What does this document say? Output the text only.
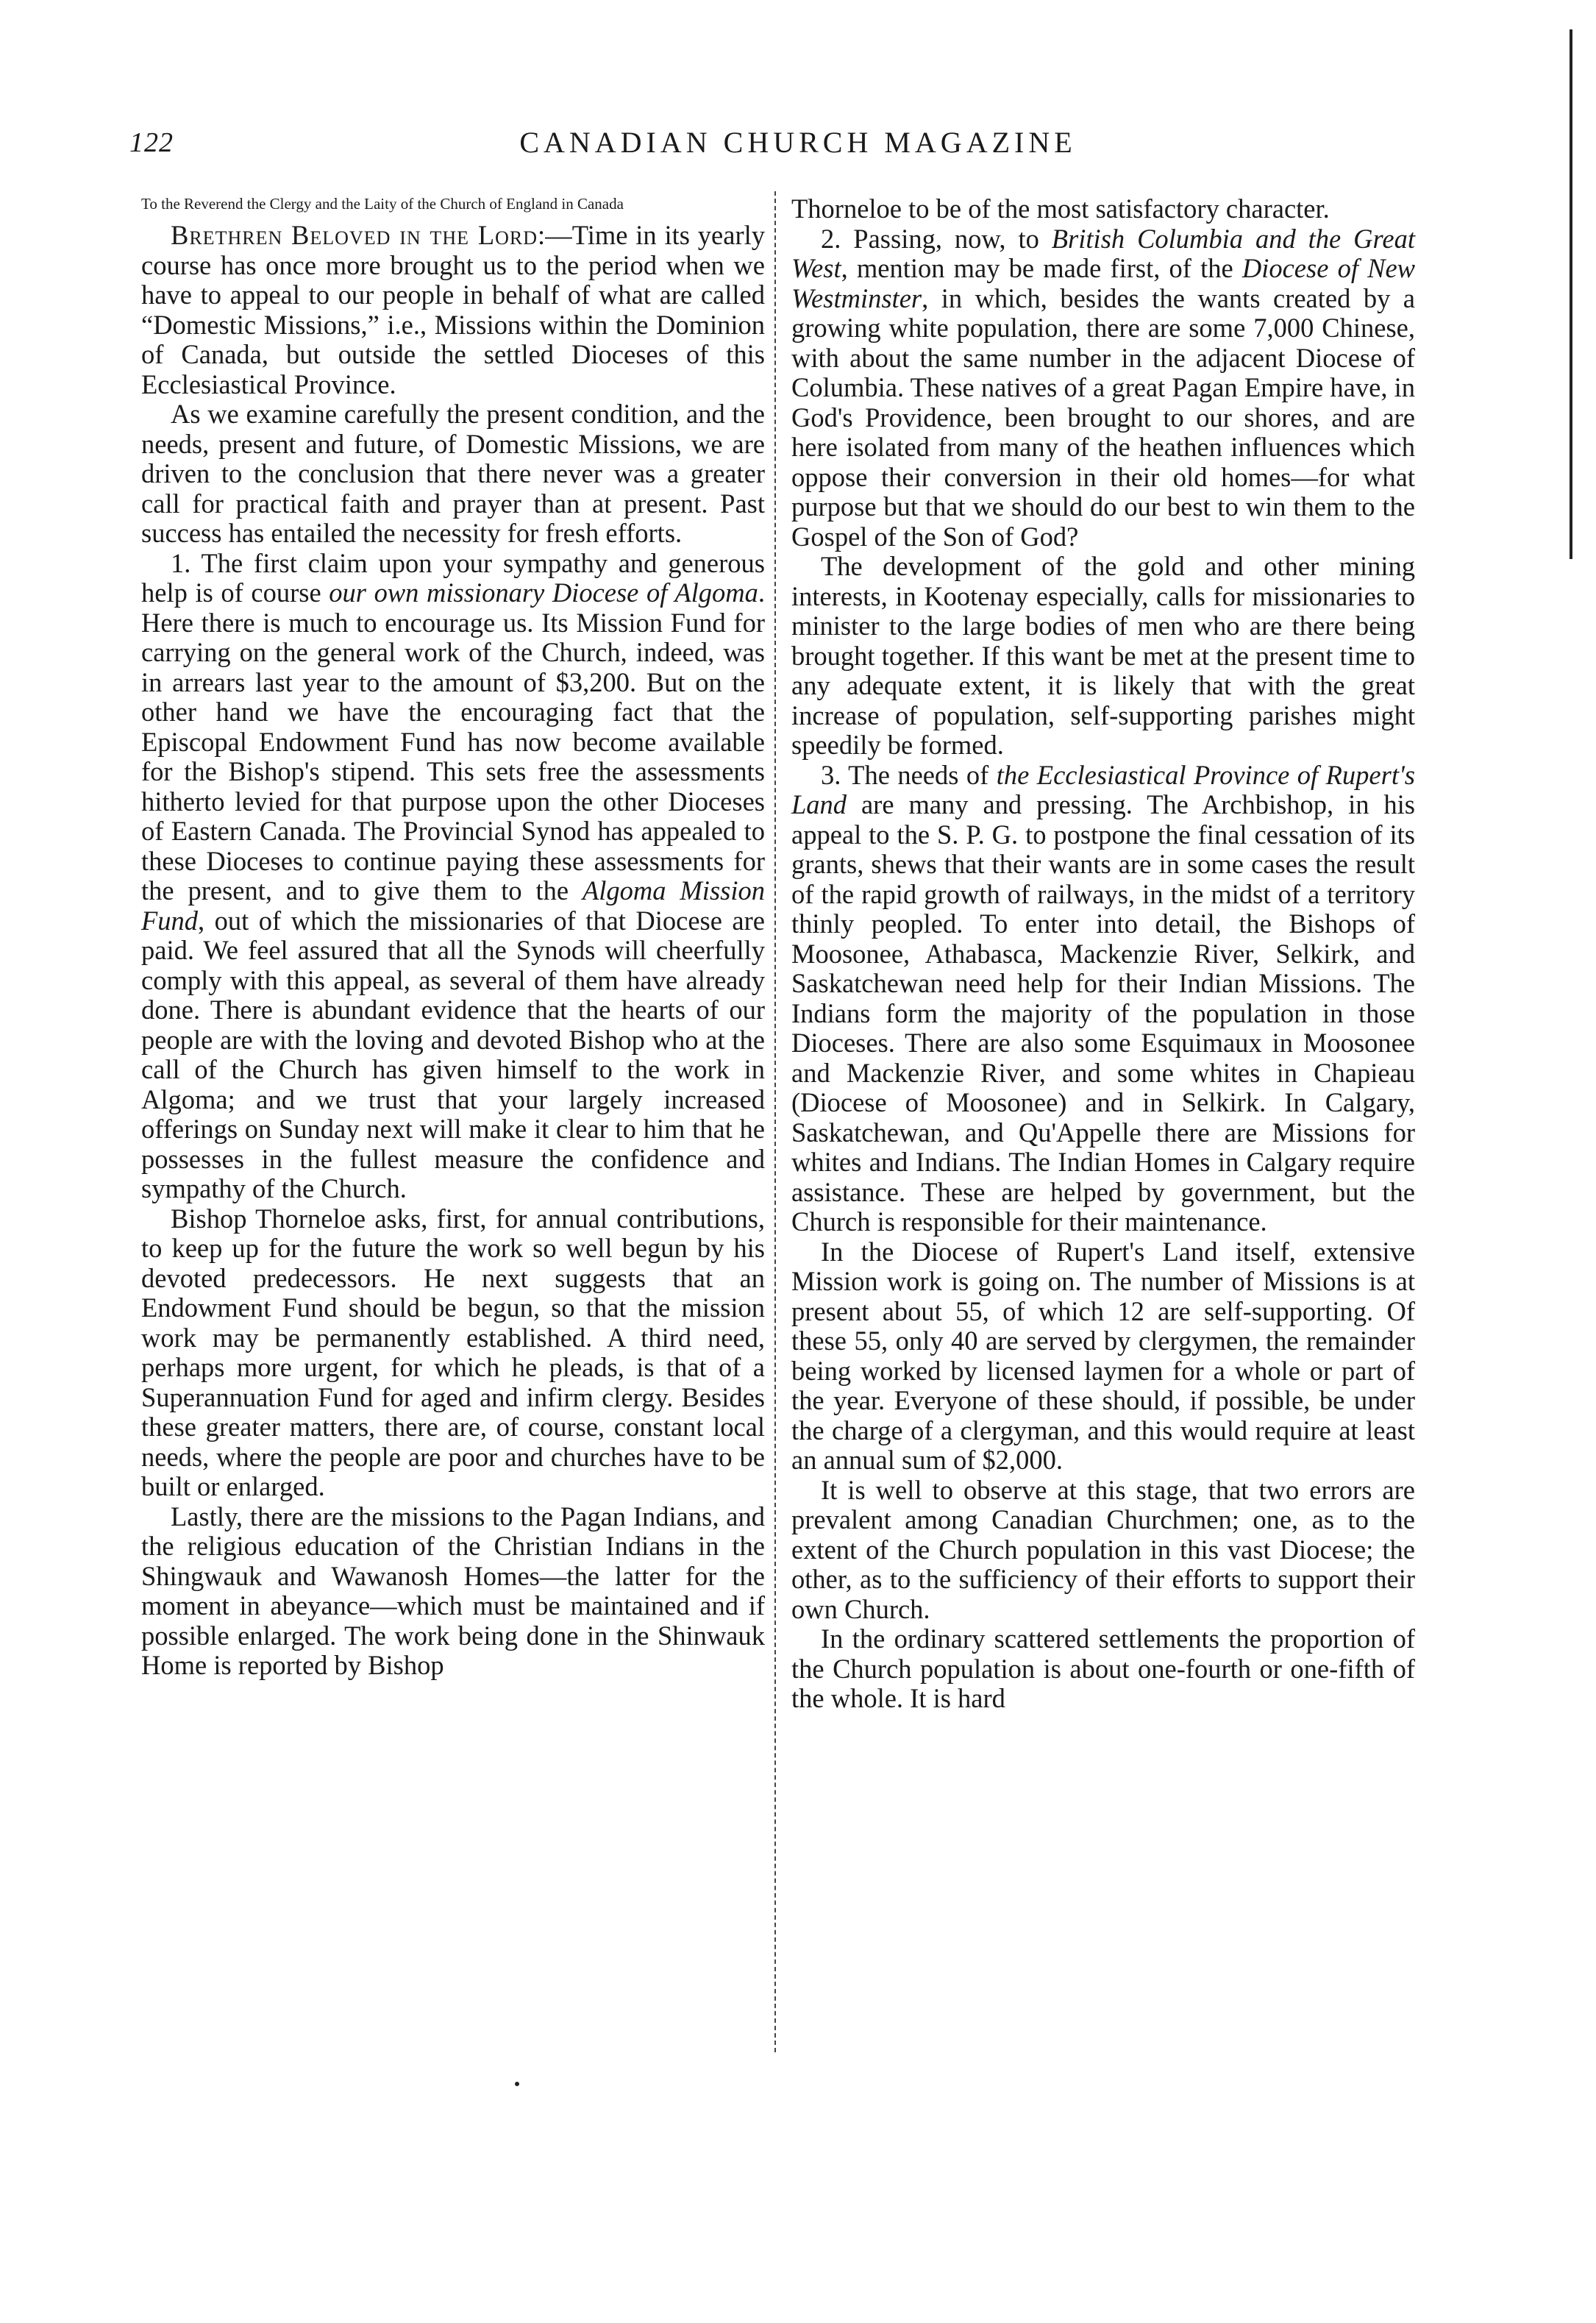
122	CANADIAN CHURCH MAGAZINE

To the Reverend the Clergy and the Laity of the Church of England in Canada

Brethren Beloved in the Lord:—Time in its yearly course has once more brought us to the period when we have to appeal to our people in behalf of what are called “Domestic Missions,” i.e., Missions within the Dominion of Canada, but outside the settled Dioceses of this Ecclesiastical Province.

As we examine carefully the present condition, and the needs, present and future, of Domestic Missions, we are driven to the conclusion that there never was a greater call for practical faith and prayer than at present. Past success has entailed the necessity for fresh efforts.

1. The first claim upon your sympathy and generous help is of course our own missionary Diocese of Algoma. Here there is much to encourage us. Its Mission Fund for carrying on the general work of the Church, indeed, was in arrears last year to the amount of $3,200. But on the other hand we have the encouraging fact that the Episcopal Endowment Fund has now become available for the Bishop's stipend. This sets free the assessments hitherto levied for that purpose upon the other Dioceses of Eastern Canada. The Provincial Synod has appealed to these Dioceses to continue paying these assessments for the present, and to give them to the Algoma Mission Fund, out of which the missionaries of that Diocese are paid. We feel assured that all the Synods will cheerfully comply with this appeal, as several of them have already done. There is abundant evidence that the hearts of our people are with the loving and devoted Bishop who at the call of the Church has given himself to the work in Algoma; and we trust that your largely increased offerings on Sunday next will make it clear to him that he possesses in the fullest measure the confidence and sympathy of the Church.

Bishop Thorneloe asks, first, for annual contributions, to keep up for the future the work so well begun by his devoted predecessors. He next suggests that an Endowment Fund should be begun, so that the mission work may be permanently established. A third need, perhaps more urgent, for which he pleads, is that of a Superannuation Fund for aged and infirm clergy. Besides these greater matters, there are, of course, constant local needs, where the people are poor and churches have to be built or enlarged.

Lastly, there are the missions to the Pagan Indians, and the religious education of the Christian Indians in the Shingwauk and Wawanosh Homes—the latter for the moment in abeyance—which must be maintained and if possible enlarged. The work being done in the Shinwauk Home is reported by Bishop

Thorneloe to be of the most satisfactory character.

2. Passing, now, to British Columbia and the Great West, mention may be made first, of the Diocese of New Westminster, in which, besides the wants created by a growing white population, there are some 7,000 Chinese, with about the same number in the adjacent Diocese of Columbia. These natives of a great Pagan Empire have, in God's Providence, been brought to our shores, and are here isolated from many of the heathen influences which oppose their conversion in their old homes—for what purpose but that we should do our best to win them to the Gospel of the Son of God?

The development of the gold and other mining interests, in Kootenay especially, calls for missionaries to minister to the large bodies of men who are there being brought together. If this want be met at the present time to any adequate extent, it is likely that with the great increase of population, self-supporting parishes might speedily be formed.

3. The needs of the Ecclesiastical Province of Rupert's Land are many and pressing. The Archbishop, in his appeal to the S. P. G. to postpone the final cessation of its grants, shews that their wants are in some cases the result of the rapid growth of railways, in the midst of a territory thinly peopled. To enter into detail, the Bishops of Moosonee, Athabasca, Mackenzie River, Selkirk, and Saskatchewan need help for their Indian Missions. The Indians form the majority of the population in those Dioceses. There are also some Esquimaux in Moosonee and Mackenzie River, and some whites in Chapieau (Diocese of Moosonee) and in Selkirk. In Calgary, Saskatchewan, and Qu'Appelle there are Missions for whites and Indians. The Indian Homes in Calgary require assistance. These are helped by government, but the Church is responsible for their maintenance.

In the Diocese of Rupert's Land itself, extensive Mission work is going on. The number of Missions is at present about 55, of which 12 are self-supporting. Of these 55, only 40 are served by clergymen, the remainder being worked by licensed laymen for a whole or part of the year. Everyone of these should, if possible, be under the charge of a clergyman, and this would require at least an annual sum of $2,000.

It is well to observe at this stage, that two errors are prevalent among Canadian Churchmen; one, as to the extent of the Church population in this vast Diocese; the other, as to the sufficiency of their efforts to support their own Church.

In the ordinary scattered settlements the proportion of the Church population is about one-fourth or one-fifth of the whole. It is hard
